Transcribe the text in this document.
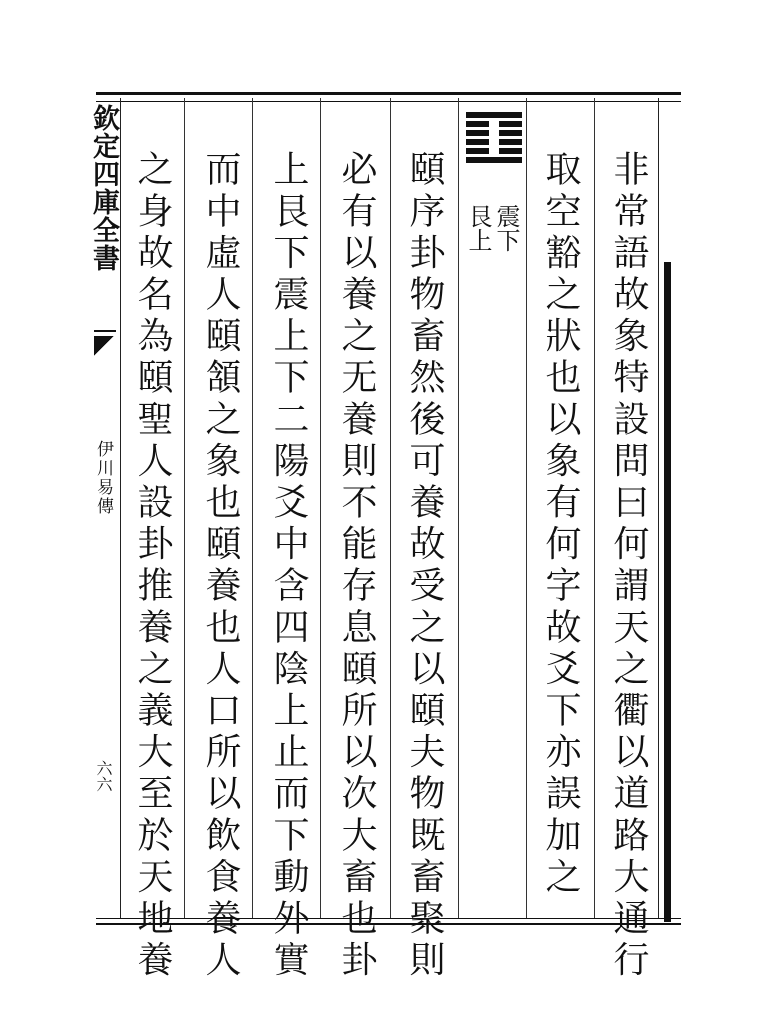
欽定四庫全書
伊川易傳
六六	非常語故象特設問曰何謂天之衢以道路大通行
取空豁之狀也以象有何字故爻下亦誤加之
震下
艮上
頤序卦物畜然後可養故受之以頤夫物既畜聚則
必有以養之无養則不能存息頤所以次大畜也卦
上艮下震上下二陽爻中含四陰上止而下動外實
而中虛人頤頷之象也頤養也人口所以飲食養人
之身故名為頤聖人設卦推養之義大至於天地養
